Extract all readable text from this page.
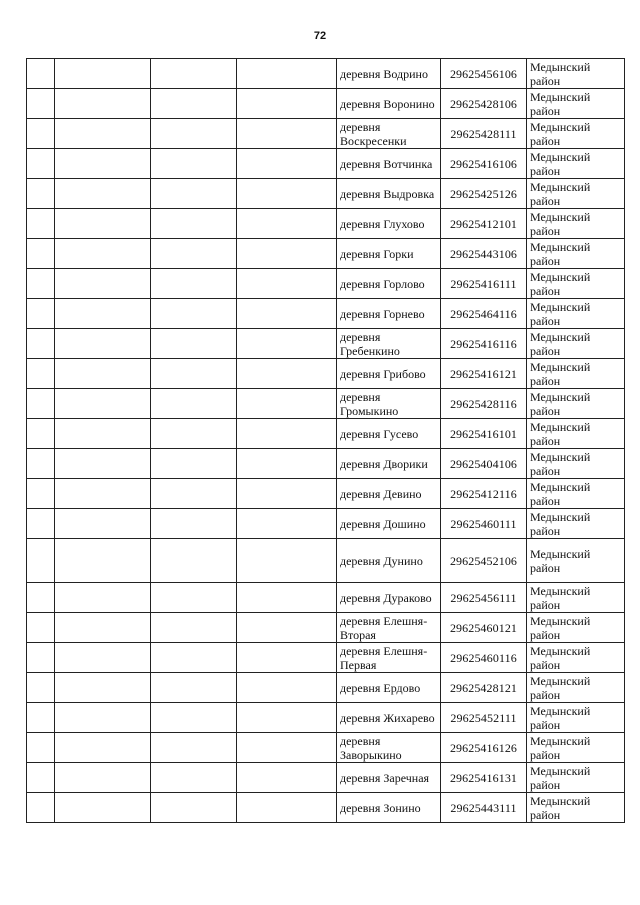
72
				деревня Водрино	29625456106	Медынский район
				деревня Воронино	29625428106	Медынский район
				деревня Воскресенки	29625428111	Медынский район
				деревня Вотчинка	29625416106	Медынский район
				деревня Выдровка	29625425126	Медынский район
				деревня Глухово	29625412101	Медынский район
				деревня Горки	29625443106	Медынский район
				деревня Горлово	29625416111	Медынский район
				деревня Горнево	29625464116	Медынский район
				деревня Гребенкино	29625416116	Медынский район
				деревня Грибово	29625416121	Медынский район
				деревня Громыкино	29625428116	Медынский район
				деревня Гусево	29625416101	Медынский район
				деревня Дворики	29625404106	Медынский район
				деревня Девино	29625412116	Медынский район
				деревня Дошино	29625460111	Медынский район
				деревня Дунино	29625452106	Медынский район
				деревня Дураково	29625456111	Медынский район
				деревня Елешня-Вторая	29625460121	Медынский район
				деревня Елешня-Первая	29625460116	Медынский район
				деревня Ердово	29625428121	Медынский район
				деревня Жихарево	29625452111	Медынский район
				деревня Заворыкино	29625416126	Медынский район
				деревня Заречная	29625416131	Медынский район
				деревня Зонино	29625443111	Медынский район
